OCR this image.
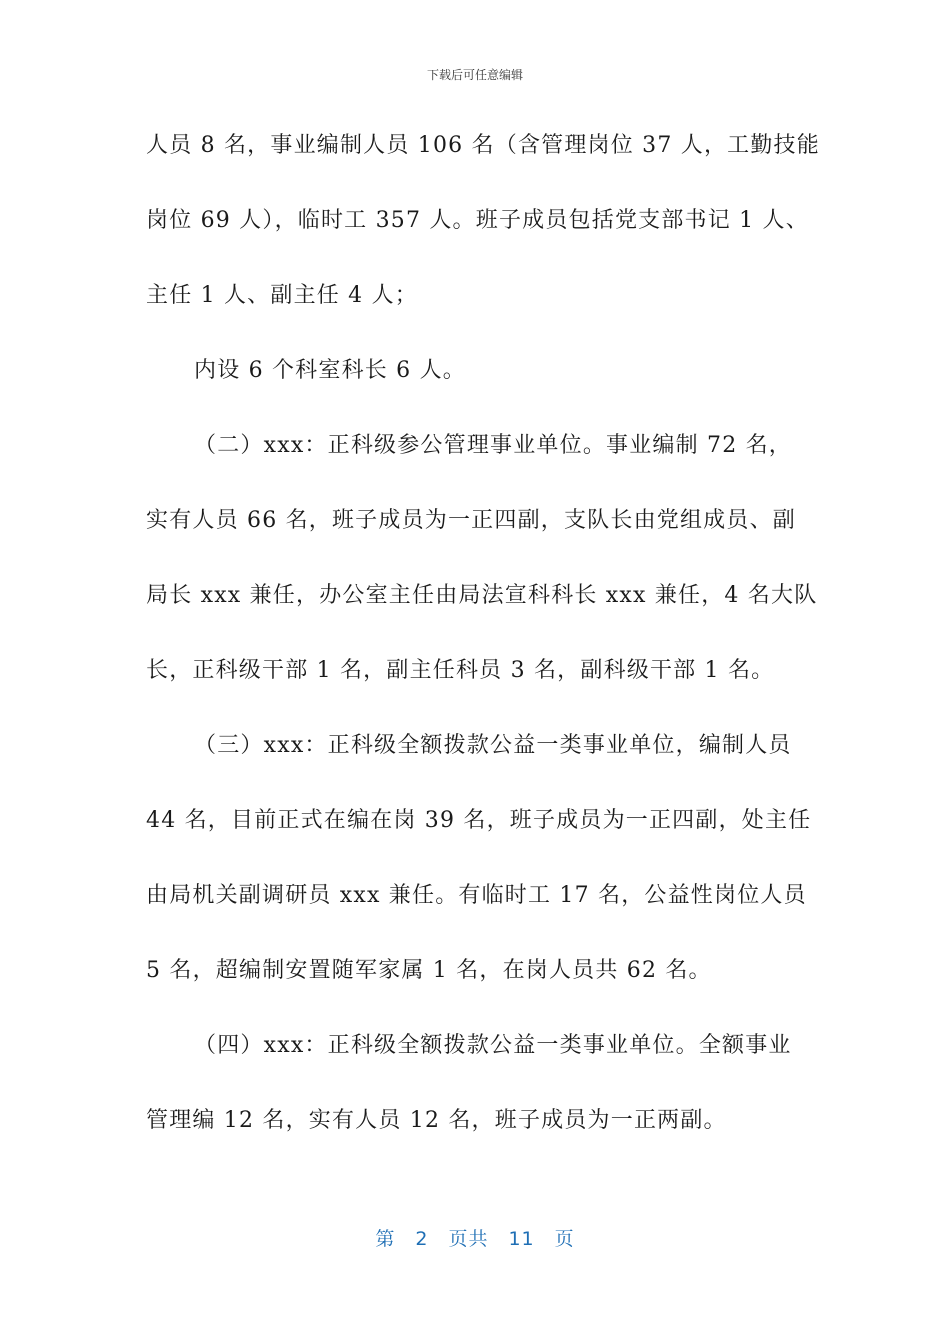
下载后可任意编辑
人员 8 名，事业编制人员 106 名（含管理岗位 37 人，工勤技能
岗位 69 人），临时工 357 人。班子成员包括党支部书记 1 人、
主任 1 人、副主任 4 人；
内设 6 个科室科长 6 人。
（二）xxx：正科级参公管理事业单位。事业编制 72 名，
实有人员 66 名，班子成员为一正四副，支队长由党组成员、副
局长 xxx 兼任，办公室主任由局法宣科科长 xxx 兼任，4 名大队
长，正科级干部 1 名，副主任科员 3 名，副科级干部 1 名。
（三）xxx：正科级全额拨款公益一类事业单位，编制人员
44 名，目前正式在编在岗 39 名，班子成员为一正四副，处主任
由局机关副调研员 xxx 兼任。有临时工 17 名，公益性岗位人员
5 名，超编制安置随军家属 1 名，在岗人员共 62 名。
（四）xxx：正科级全额拨款公益一类事业单位。全额事业
管理编 12 名，实有人员 12 名，班子成员为一正两副。
第　2　页共　11　页
